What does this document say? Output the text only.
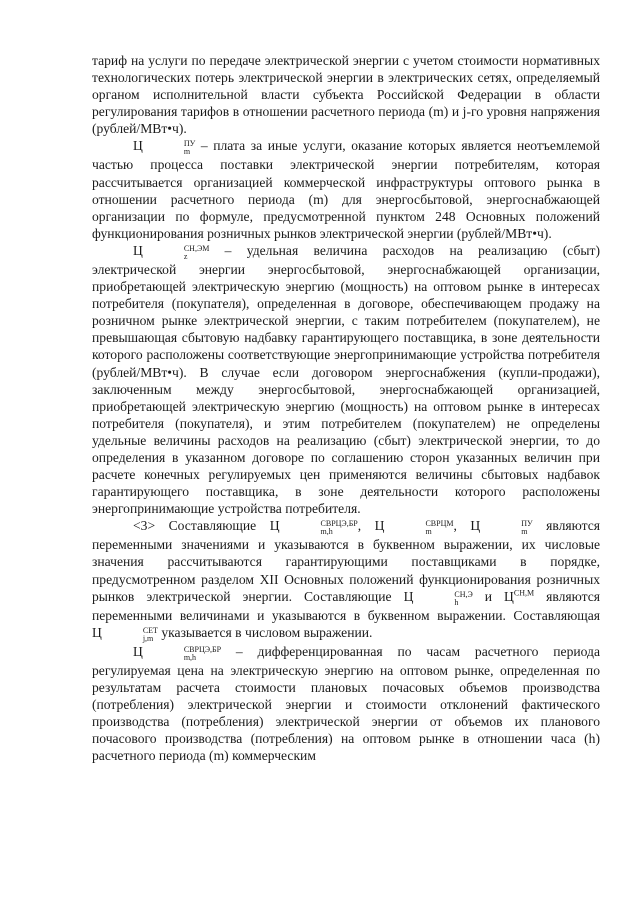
тариф на услуги по передаче электрической энергии с учетом стоимости нормативных технологических потерь электрической энергии в электрических сетях, определяемый органом исполнительной власти субъекта Российской Федерации в области регулирования тарифов в отношении расчетного периода (m) и j-го уровня напряжения (рублей/МВт•ч).

Ц	ПУ
m – плата за иные услуги, оказание которых является неотъемлемой частью процесса поставки электрической энергии потребителям, которая рассчитывается организацией коммерческой инфраструктуры оптового рынка в отношении расчетного периода (m) для энергосбытовой, энергоснабжающей организации по формуле, предусмотренной пунктом 248 Основных положений функционирования розничных рынков электрической энергии (рублей/МВт•ч).

Ц	СН,ЭМ
z	– удельная величина расходов на реализацию (сбыт) электрической энергии энергосбытовой, энергоснабжающей организации, приобретающей электрическую энергию (мощность) на оптовом рынке в интересах потребителя (покупателя), определенная в договоре, обеспечивающем продажу на розничном рынке электрической энергии, с таким потребителем (покупателем), не превышающая сбытовую надбавку гарантирующего поставщика, в зоне деятельности которого расположены соответствующие энергопринимающие устройства потребителя (рублей/МВт•ч). В случае если договором энергоснабжения (купли-продажи), заключенным между энергосбытовой, энергоснабжающей организацией, приобретающей электрическую энергию (мощность) на оптовом рынке в интересах потребителя (покупателя), и этим потребителем (покупателем) не определены удельные величины расходов на реализацию (сбыт) электрической энергии, то до определения в указанном договоре по соглашению сторон указанных величин при расчете конечных регулируемых цен применяются величины сбытовых надбавок гарантирующего поставщика, в зоне деятельности которого расположены энергопринимающие устройства потребителя.

<3> Составляющие Ц	СВРЦЭ,БР
m,h	, Ц	СВРЦМ
m	, Ц	ПУ
m являются переменными значениями и указываются в буквенном выражении, их числовые значения рассчитываются гарантирующими поставщиками в порядке, предусмотренном разделом XII Основных положений функционирования розничных рынков электрической энергии. Составляющие Ц	СН,Э
h	и $Ц^{СН,М}$ являются переменными величинами и указываются в буквенном выражении. Составляющая Ц	СЕТ
j,m указывается в числовом выражении.

Ц	СВРЦЭ,БР
m,h	– дифференцированная по часам расчетного периода регулируемая цена на электрическую энергию на оптовом рынке, определенная по результатам расчета стоимости плановых почасовых объемов производства (потребления) электрической энергии и стоимости отклонений фактического производства (потребления) электрической энергии от объемов их планового почасового производства (потребления) на оптовом рынке в отношении часа (h) расчетного периода (m) коммерческим
